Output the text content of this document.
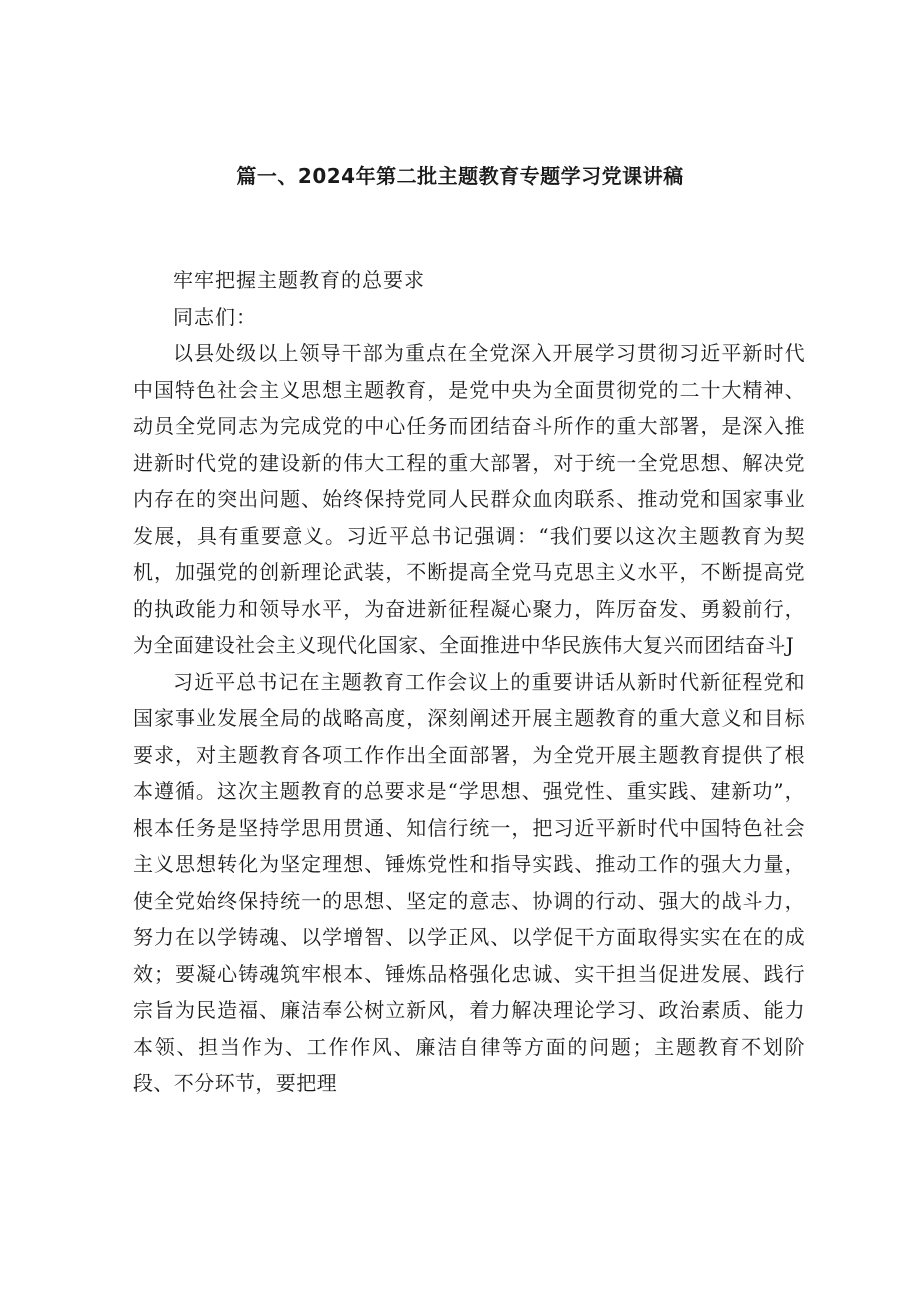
篇一、2024年第二批主题教育专题学习党课讲稿

牢牢把握主题教育的总要求

同志们：

以县处级以上领导干部为重点在全党深入开展学习贯彻习近平新时代中国特色社会主义思想主题教育，是党中央为全面贯彻党的二十大精神、动员全党同志为完成党的中心任务而团结奋斗所作的重大部署，是深入推进新时代党的建设新的伟大工程的重大部署，对于统一全党思想、解决党内存在的突出问题、始终保持党同人民群众血肉联系、推动党和国家事业发展，具有重要意义。习近平总书记强调：“我们要以这次主题教育为契机，加强党的创新理论武装，不断提高全党马克思主义水平，不断提高党的执政能力和领导水平，为奋进新征程凝心聚力，阵厉奋发、勇毅前行，为全面建设社会主义现代化国家、全面推进中华民族伟大复兴而团结奋斗J

习近平总书记在主题教育工作会议上的重要讲话从新时代新征程党和国家事业发展全局的战略高度，深刻阐述开展主题教育的重大意义和目标要求，对主题教育各项工作作出全面部署，为全党开展主题教育提供了根本遵循。这次主题教育的总要求是“学思想、强党性、重实践、建新功”，根本任务是坚持学思用贯通、知信行统一，把习近平新时代中国特色社会主义思想转化为坚定理想、锤炼党性和指导实践、推动工作的强大力量，使全党始终保持统一的思想、坚定的意志、协调的行动、强大的战斗力，努力在以学铸魂、以学增智、以学正风、以学促干方面取得实实在在的成效；要凝心铸魂筑牢根本、锤炼品格强化忠诚、实干担当促进发展、践行宗旨为民造福、廉洁奉公树立新风，着力解决理论学习、政治素质、能力本领、担当作为、工作作风、廉洁自律等方面的问题；主题教育不划阶段、不分环节，要把理
